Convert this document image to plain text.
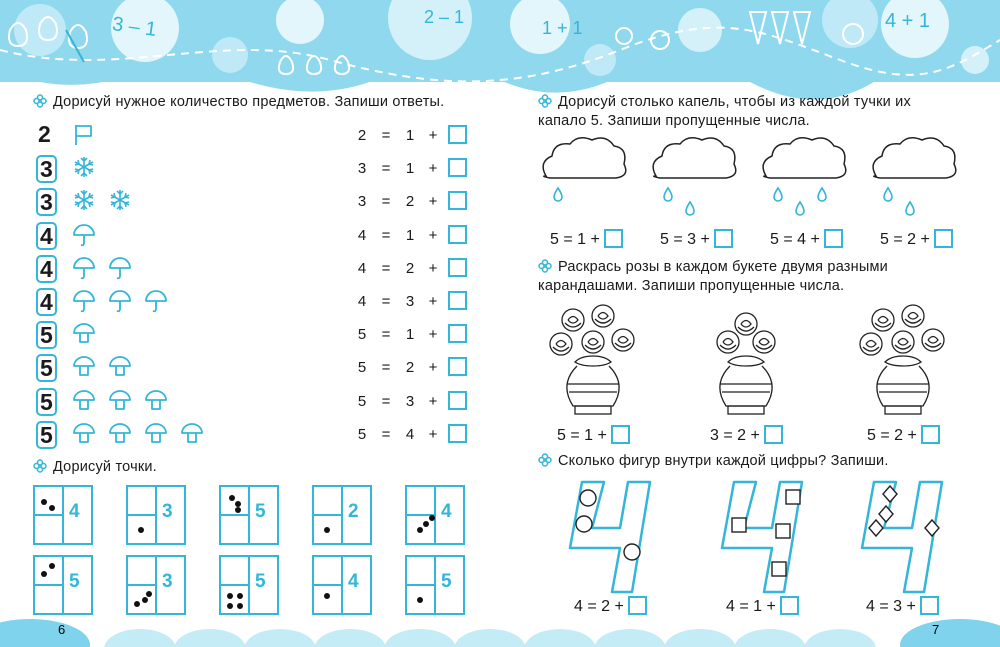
3 – 1	2 – 1
1 + 1	4 + 1
Дорисуй нужное количество предметов. Запиши ответы.
2	2 = 1 +
3	3 = 1 +
3	3 = 2 +
4	4 = 1 +
4	4 = 2 +
4	4 = 3 +
5	5 = 1 +
5	5 = 2 +
5	5 = 3 +
5	5 = 4 +
Дорисуй точки.
4	3	5	2	4
5	3	5	4	5
Дорисуй столько капель, чтобы из каждой тучки их капало 5. Запиши пропущенные числа.
5 = 1 +	5 = 3 +	5 = 4 +	5 = 2 +
Раскрась розы в каждом букете двумя разными карандашами. Запиши пропущенные числа.
5 = 1 +	3 = 2 +	5 = 2 +
Сколько фигур внутри каждой цифры? Запиши.
4 = 2 +	4 = 1 +	4 = 3 +
6	7
